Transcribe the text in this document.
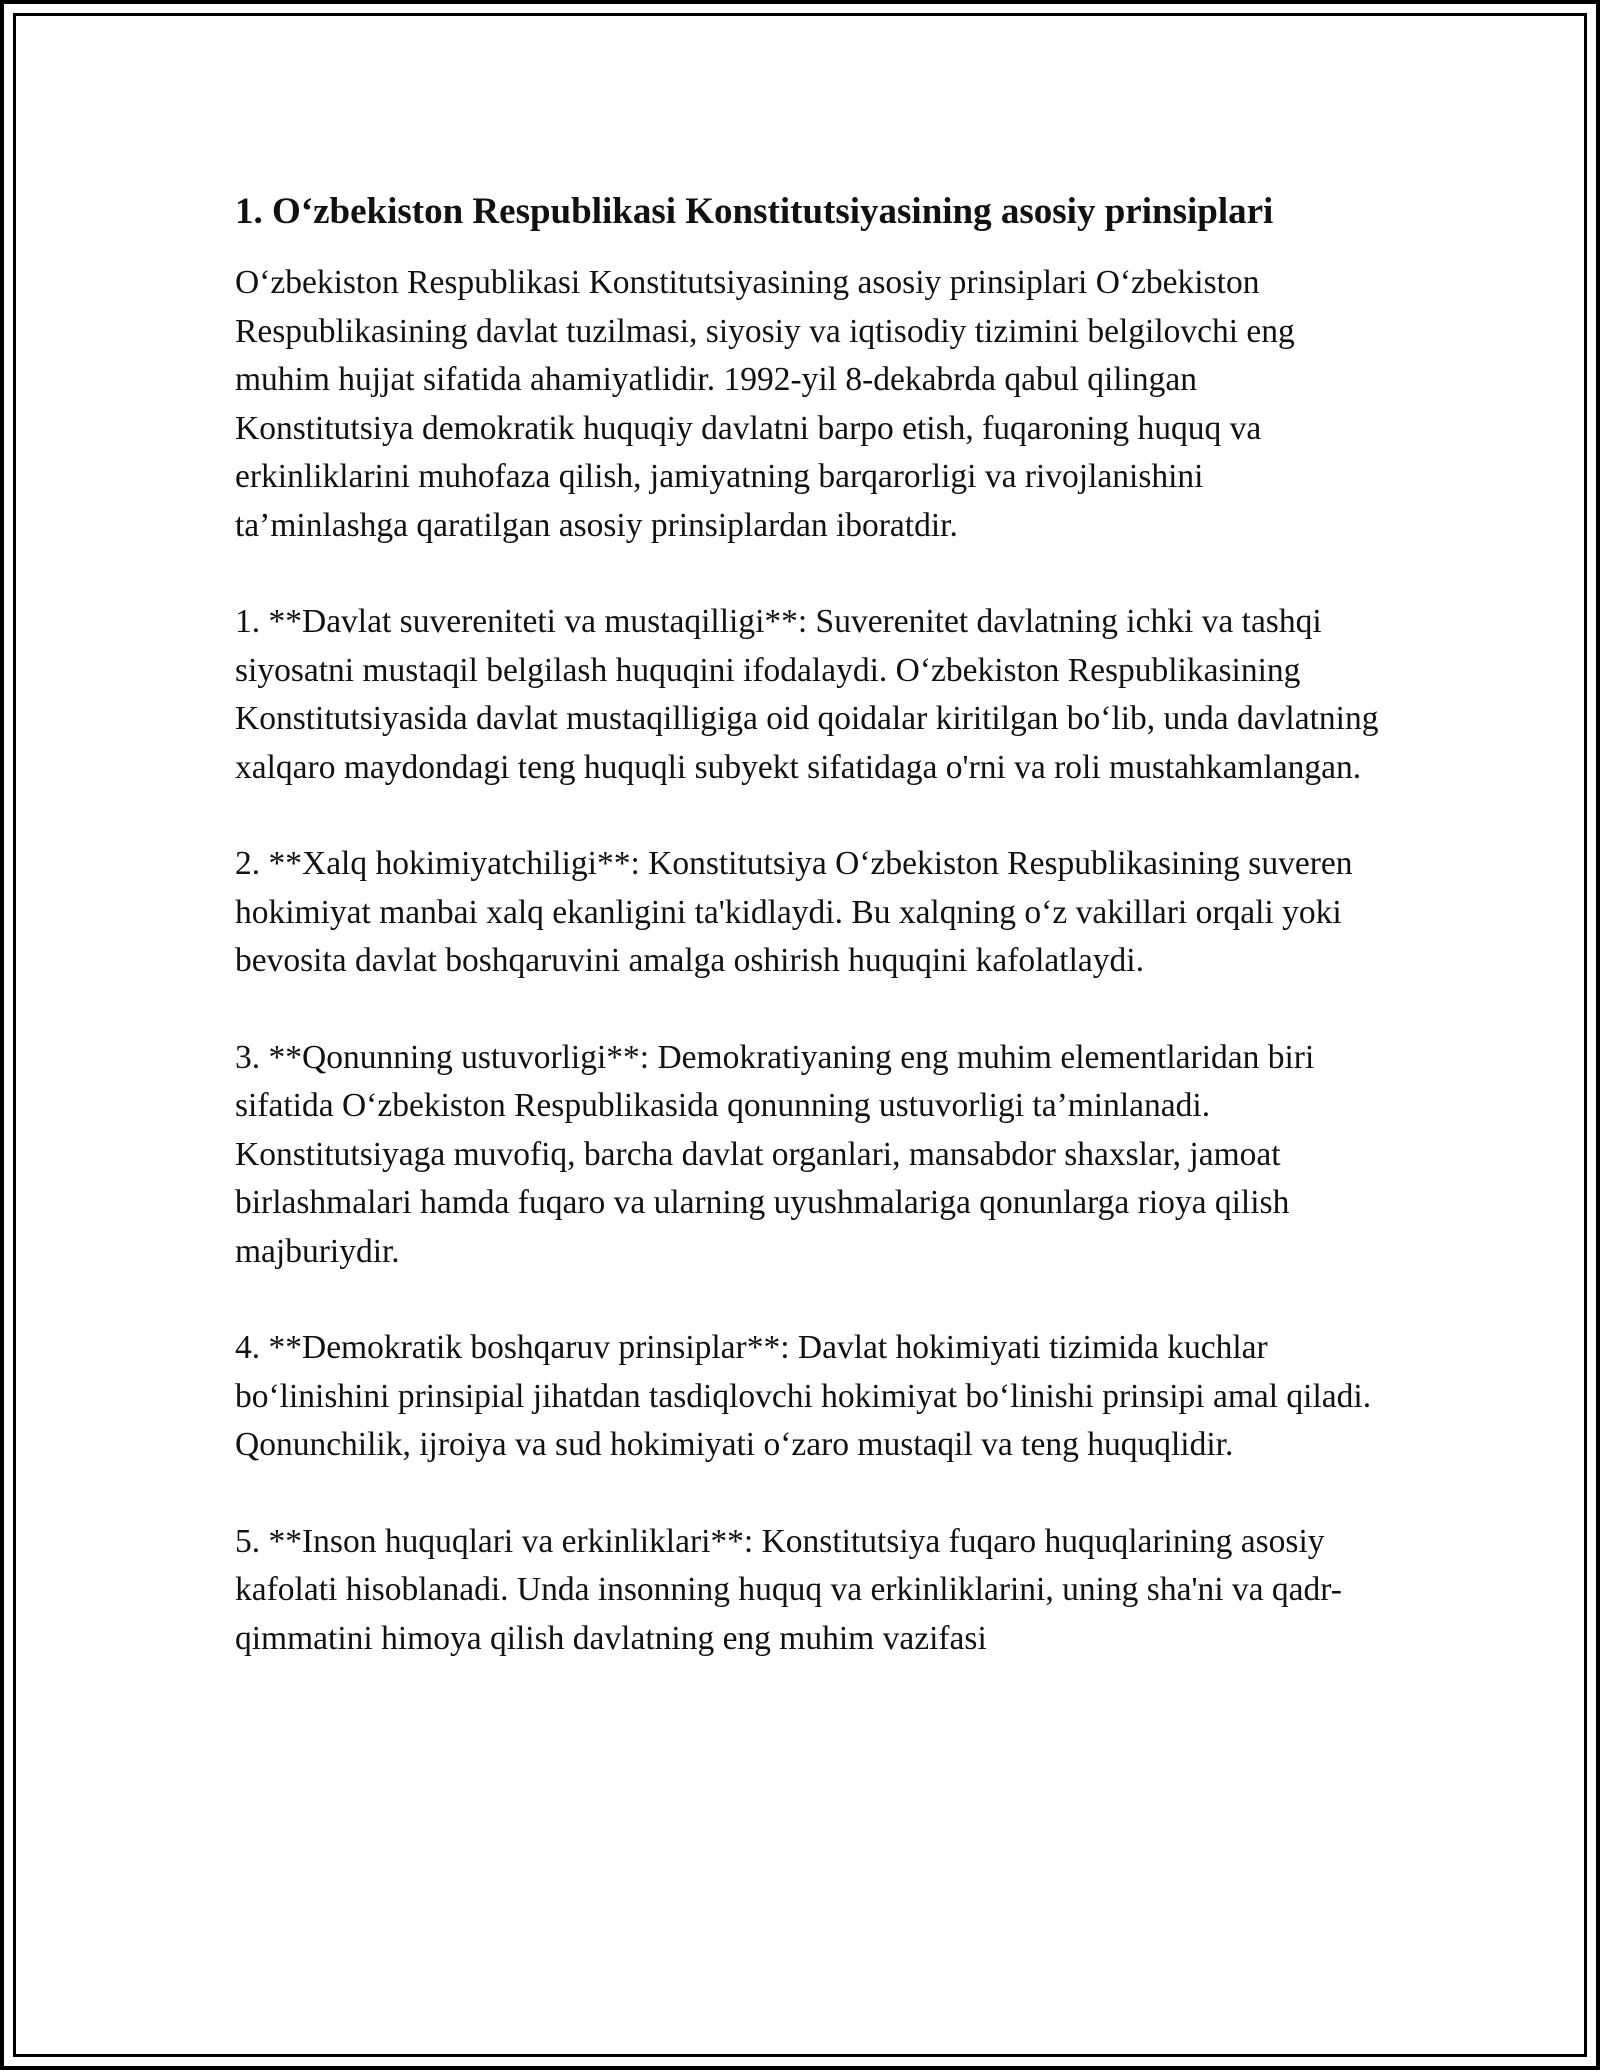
1. O‘zbekiston Respublikasi Konstitutsiyasining asosiy prinsiplari

O‘zbekiston Respublikasi Konstitutsiyasining asosiy prinsiplari O‘zbekiston Respublikasining davlat tuzilmasi, siyosiy va iqtisodiy tizimini belgilovchi eng muhim hujjat sifatida ahamiyatlidir. 1992-yil 8-dekabrda qabul qilingan Konstitutsiya demokratik huquqiy davlatni barpo etish, fuqaroning huquq va erkinliklarini muhofaza qilish, jamiyatning barqarorligi va rivojlanishini ta’minlashga qaratilgan asosiy prinsiplardan iboratdir.

1. **Davlat suvereniteti va mustaqilligi**: Suverenitet davlatning ichki va tashqi siyosatni mustaqil belgilash huquqini ifodalaydi. O‘zbekiston Respublikasining Konstitutsiyasida davlat mustaqilligiga oid qoidalar kiritilgan bo‘lib, unda davlatning xalqaro maydondagi teng huquqli subyekt sifatidaga o'rni va roli mustahkamlangan.

2. **Xalq hokimiyatchiligi**: Konstitutsiya O‘zbekiston Respublikasining suveren hokimiyat manbai xalq ekanligini ta'kidlaydi. Bu xalqning o‘z vakillari orqali yoki bevosita davlat boshqaruvini amalga oshirish huquqini kafolatlaydi.

3. **Qonunning ustuvorligi**: Demokratiyaning eng muhim elementlaridan biri sifatida O‘zbekiston Respublikasida qonunning ustuvorligi ta’minlanadi. Konstitutsiyaga muvofiq, barcha davlat organlari, mansabdor shaxslar, jamoat birlashmalari hamda fuqaro va ularning uyushmalariga qonunlarga rioya qilish majburiydir.

4. **Demokratik boshqaruv prinsiplar**: Davlat hokimiyati tizimida kuchlar bo‘linishini prinsipial jihatdan tasdiqlovchi hokimiyat bo‘linishi prinsipi amal qiladi. Qonunchilik, ijroiya va sud hokimiyati o‘zaro mustaqil va teng huquqlidir.

5. **Inson huquqlari va erkinliklari**: Konstitutsiya fuqaro huquqlarining asosiy kafolati hisoblanadi. Unda insonning huquq va erkinliklarini, uning sha'ni va qadr-qimmatini himoya qilish davlatning eng muhim vazifasi
